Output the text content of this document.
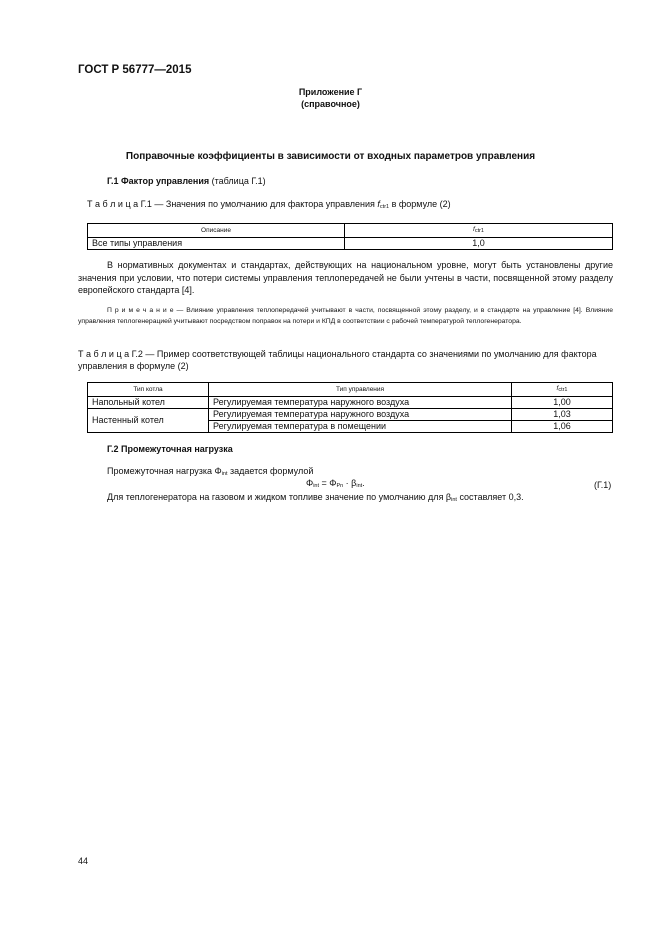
ГОСТ Р 56777—2015
Приложение Г
(справочное)
Поправочные коэффициенты в зависимости от входных параметров управления
Г.1 Фактор управления (таблица Г.1)
Т а б л и ц а Г.1 — Значения по умолчанию для фактора управления $f_{ctr1}$ в формуле (2)
Описание	$f_{ctr1}$
Все типы управления	1,0
В нормативных документах и стандартах, действующих на национальном уровне, могут быть установлены другие значения при условии, что потери системы управления теплопередачей не были учтены в части, посвященной этому разделу европейского стандарта [4].
П р и м е ч а н и е — Влияние управления теплопередачей учитывают в части, посвященной этому разделу, и в стандарте на управление [4]. Влияние управления теплогенерацией учитывают посредством поправок на потери и КПД в соответствии с рабочей температурой теплогенератора.
Т а б л и ц а Г.2 — Пример соответствующей таблицы национального стандарта со значениями по умолчанию для фактора управления в формуле (2)
Тип котла	Тип управления	$f_{ctr1}$
Напольный котел	Регулируемая температура наружного воздуха	1,00
Настенный котел	Регулируемая температура наружного воздуха	1,03
	Регулируемая температура в помещении	1,06
Г.2 Промежуточная нагрузка
Промежуточная нагрузка $\Phi_{int}$ задается формулой
$\Phi_{int} = \Phi_{Pn} \cdot \beta_{int}$.	(Г.1)
Для теплогенератора на газовом и жидком топливе значение по умолчанию для $\beta_{int}$ составляет 0,3.
44
